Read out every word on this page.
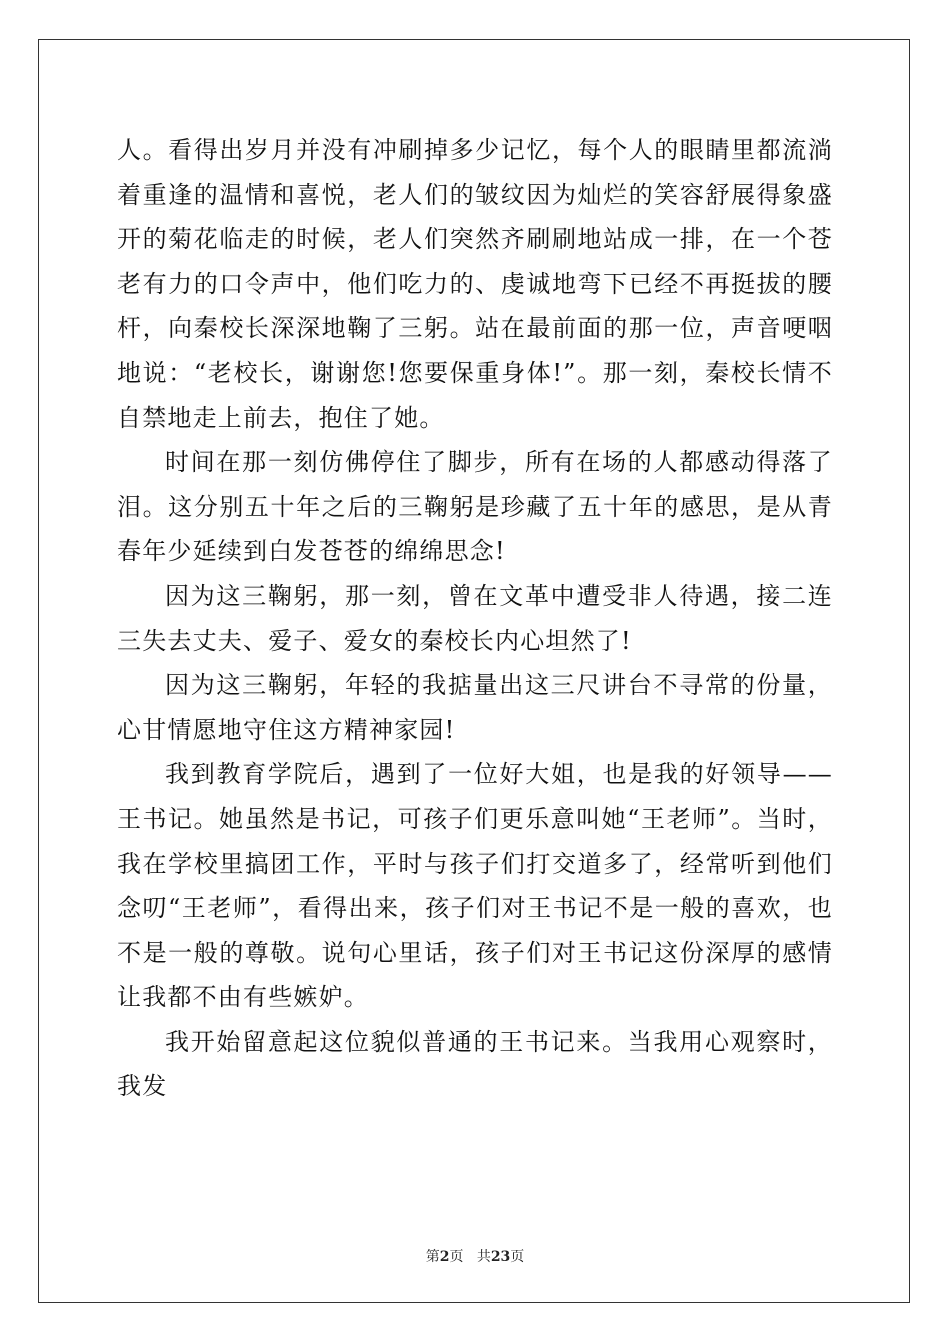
人。看得出岁月并没有冲刷掉多少记忆，每个人的眼睛里都流淌着重逢的温情和喜悦，老人们的皱纹因为灿烂的笑容舒展得象盛开的菊花临走的时候，老人们突然齐刷刷地站成一排，在一个苍老有力的口令声中，他们吃力的、虔诚地弯下已经不再挺拔的腰杆，向秦校长深深地鞠了三躬。站在最前面的那一位，声音哽咽地说：“老校长，谢谢您!您要保重身体!”。那一刻，秦校长情不自禁地走上前去，抱住了她。

时间在那一刻仿佛停住了脚步，所有在场的人都感动得落了泪。这分别五十年之后的三鞠躬是珍藏了五十年的感思，是从青春年少延续到白发苍苍的绵绵思念!

因为这三鞠躬，那一刻，曾在文革中遭受非人待遇，接二连三失去丈夫、爱子、爱女的秦校长内心坦然了!

因为这三鞠躬，年轻的我掂量出这三尺讲台不寻常的份量，心甘情愿地守住这方精神家园!

我到教育学院后，遇到了一位好大姐，也是我的好领导——王书记。她虽然是书记，可孩子们更乐意叫她“王老师”。当时，我在学校里搞团工作，平时与孩子们打交道多了，经常听到他们念叨“王老师”，看得出来，孩子们对王书记不是一般的喜欢，也不是一般的尊敬。说句心里话，孩子们对王书记这份深厚的感情让我都不由有些嫉妒。

我开始留意起这位貌似普通的王书记来。当我用心观察时，我发

第2页 共23页
